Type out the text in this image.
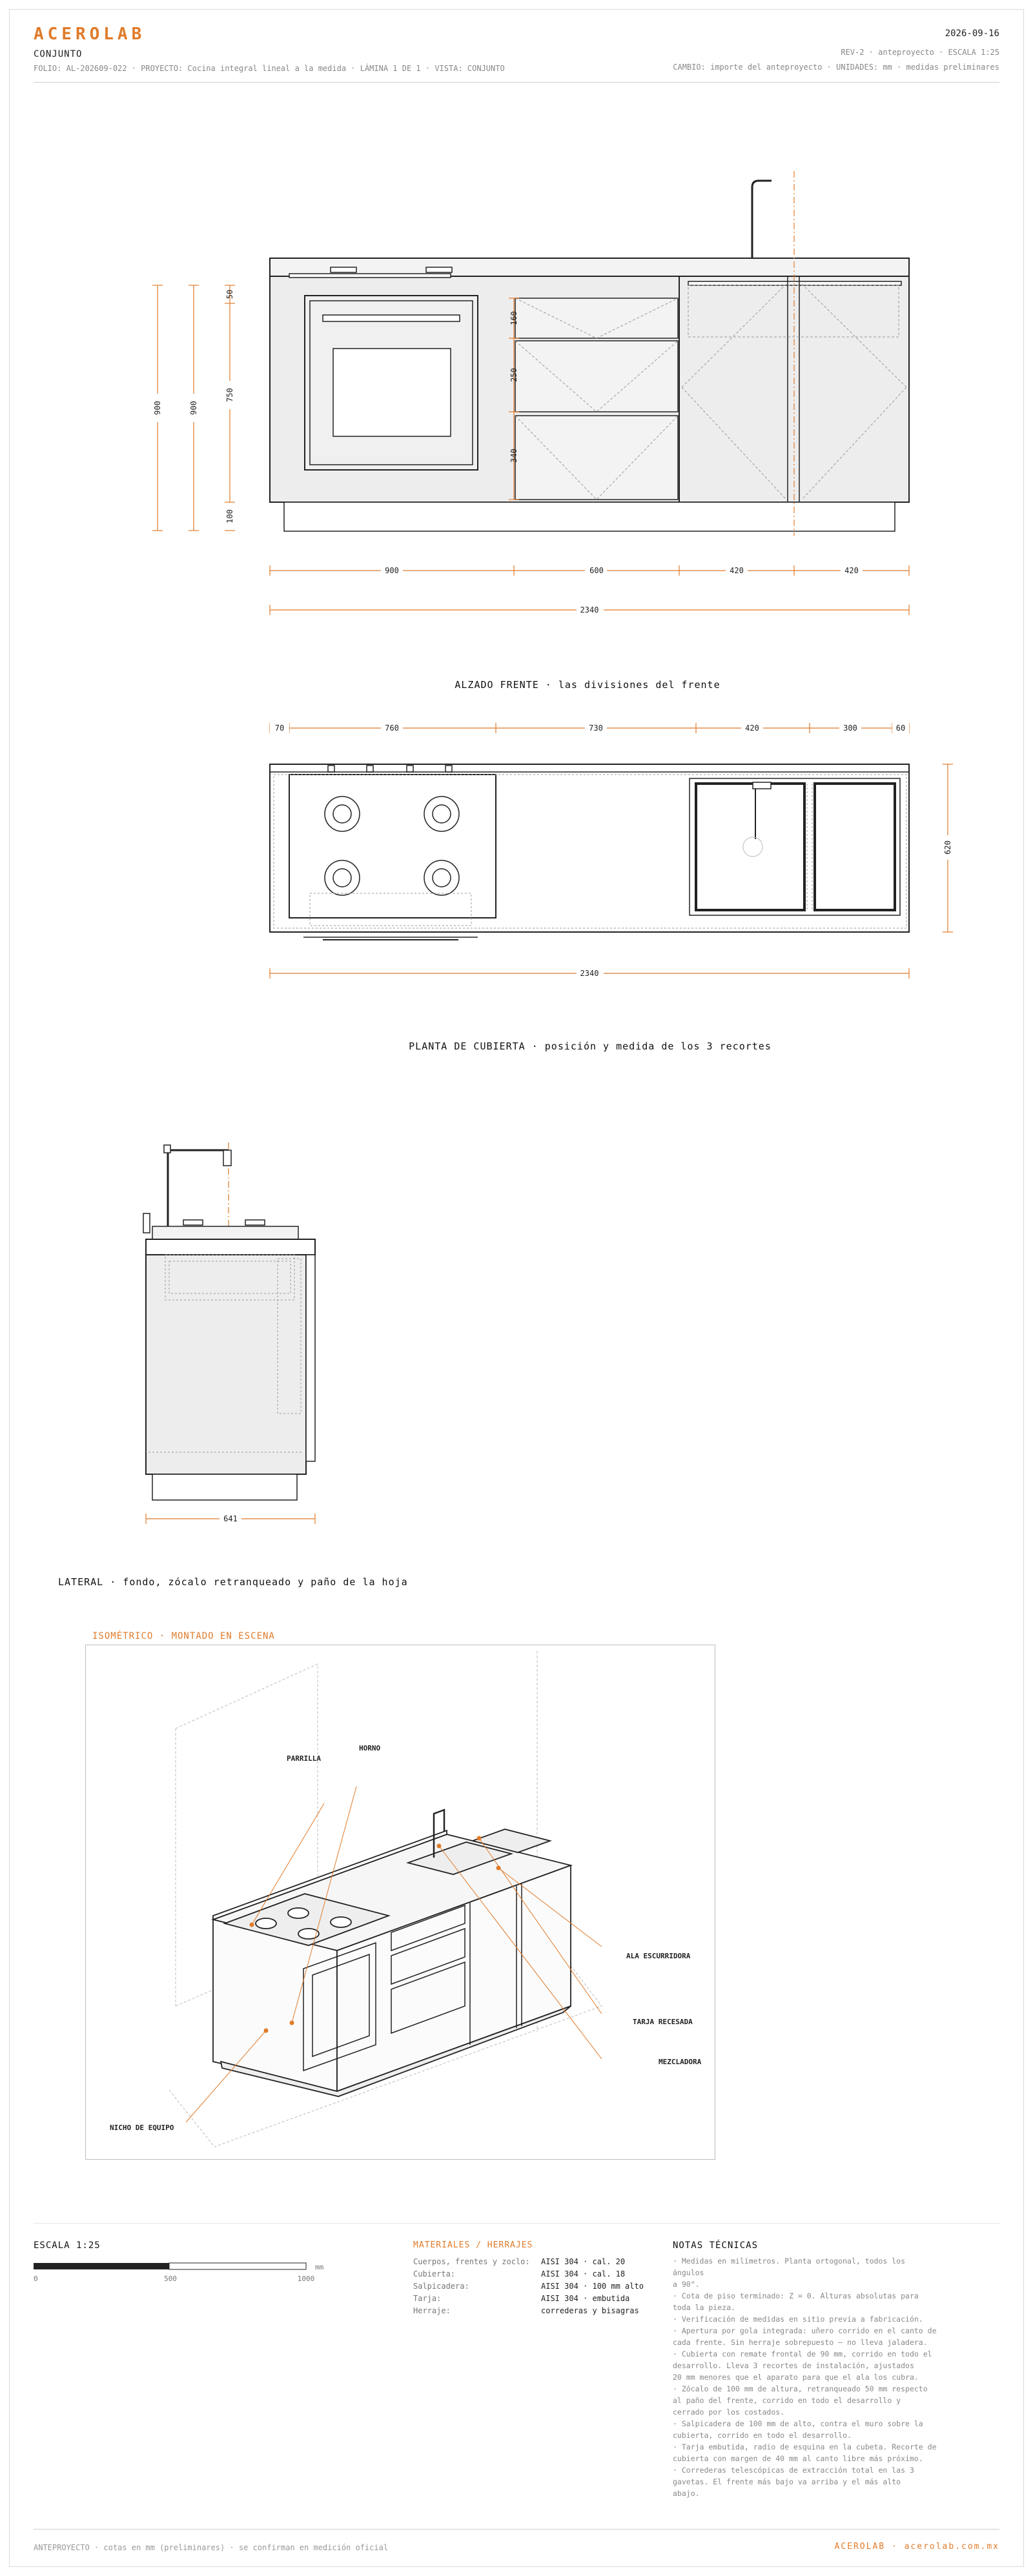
ACEROLAB
CONJUNTO
FOLIO: AL-202609-022 · PROYECTO: Cocina integral lineal a la medida · LÁMINA 1 DE 1 · VISTA: CONJUNTO
2026-09-16
REV-2 · anteproyecto · ESCALA 1:25
CAMBIO: importe del anteproyecto · UNIDADES: mm · medidas preliminares
900	900
750
50
100
160
250
340
900	600	420	420
2340
ALZADO FRENTE · las divisiones del frente
70	760	730	420	300	60
620
2340
PLANTA DE CUBIERTA · posición y medida de los 3 recortes
641
LATERAL · fondo, zócalo retranqueado y paño de la hoja
ISOMÉTRICO · MONTADO EN ESCENA
PARRILLA
HORNO
ALA ESCURRIDORA
TARJA RECESADA
MEZCLADORA
NICHO DE EQUIPO
ESCALA 1:25
0	500	1000
mm
MATERIALES / HERRAJES
Cuerpos, frentes y zoclo: AISI 304 · cal. 20
Cubierta:	AISI 304 · cal. 18
Salpicadera:	AISI 304 · 100 mm alto
Tarja:	AISI 304 · embutida
Herraje:	correderas y bisagras
NOTAS TÉCNICAS
· Medidas en milímetros. Planta ortogonal, todos los ángulos
a 90°.
· Cota de piso terminado: Z = 0. Alturas absolutas para
toda la pieza.
· Verificación de medidas en sitio previa a fabricación.
· Apertura por gola integrada: uñero corrido en el canto de
cada frente. Sin herraje sobrepuesto — no lleva jaladera.
· Cubierta con remate frontal de 90 mm, corrido en todo el
desarrollo. Lleva 3 recortes de instalación, ajustados
20 mm menores que el aparato para que el ala los cubra.
· Zócalo de 100 mm de altura, retranqueado 50 mm respecto
al paño del frente, corrido en todo el desarrollo y
cerrado por los costados.
· Salpicadera de 100 mm de alto, contra el muro sobre la
cubierta, corrido en todo el desarrollo.
· Tarja embutida, radio de esquina en la cubeta. Recorte de
cubierta con margen de 40 mm al canto libre más próximo.
· Correderas telescópicas de extracción total en las 3
gavetas. El frente más bajo va arriba y el más alto
abajo.
ANTEPROYECTO · cotas en mm (preliminares) · se confirman en medición oficial	ACEROLAB · acerolab.com.mx
